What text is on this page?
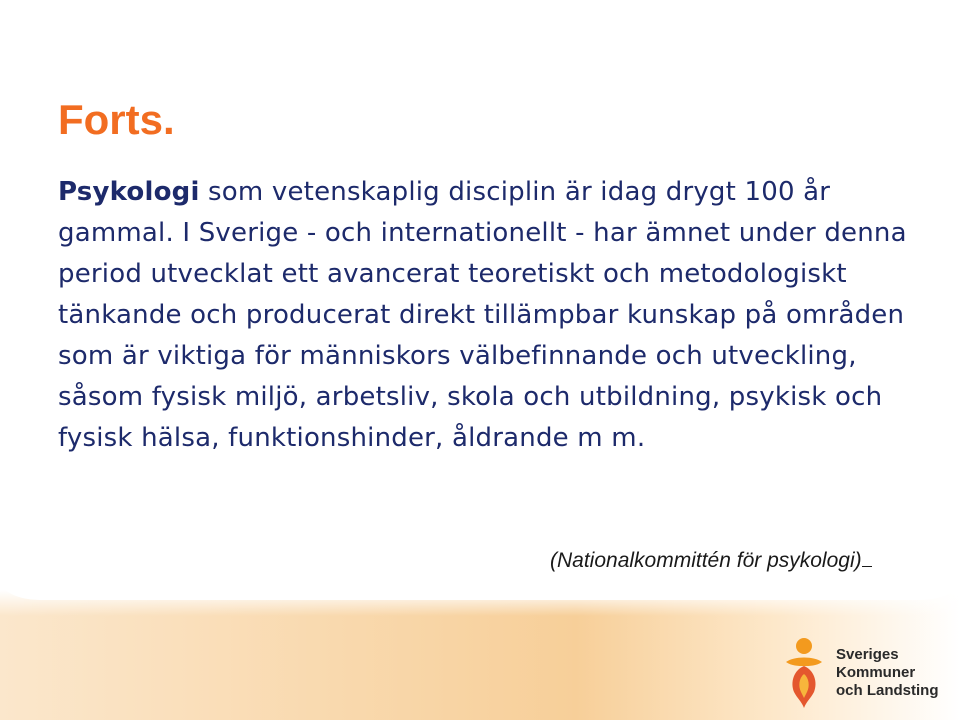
Forts.

Psykologi som vetenskaplig disciplin är idag drygt 100 år gammal. I Sverige - och internationellt - har ämnet under denna period utvecklat ett avancerat teoretiskt och metodologiskt tänkande och producerat direkt tillämpbar kunskap på områden som är viktiga för människors välbefinnande och utveckling, såsom fysisk miljö, arbetsliv, skola och utbildning, psykisk och fysisk hälsa, funktionshinder, åldrande m m.

(Nationalkommittén för psykologi)

Sveriges
Kommuner
och Landsting
